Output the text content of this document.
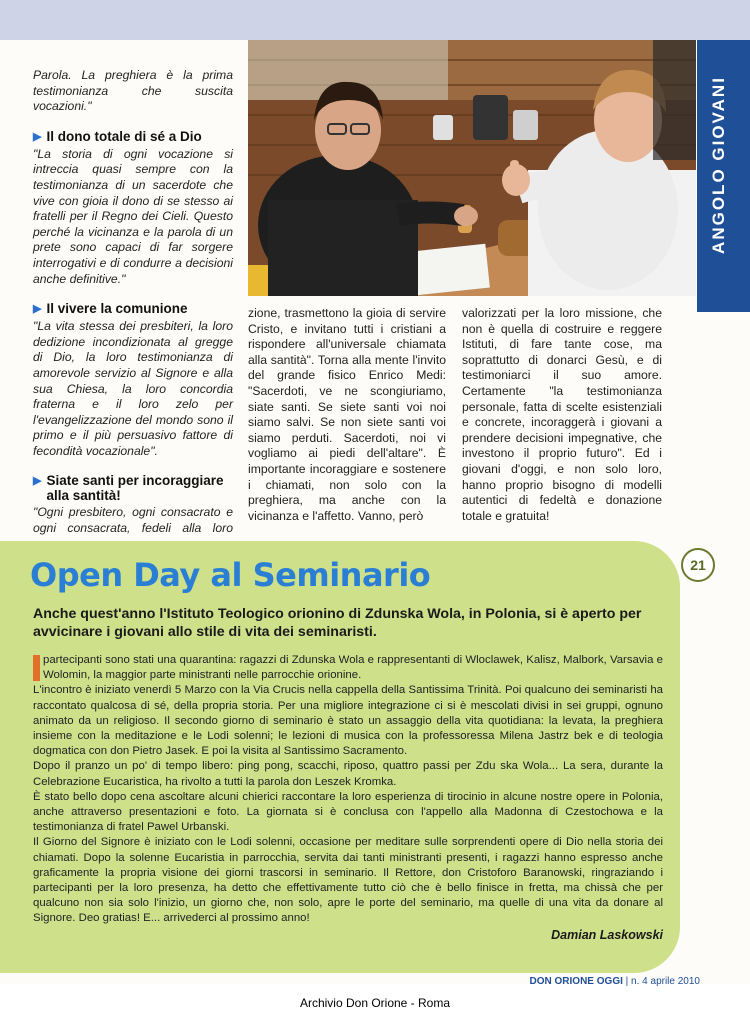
ANGOLO GIOVANI

Parola. La preghiera è la prima testimonianza che suscita vocazioni."

▶ Il dono totale di sé a Dio

"La storia di ogni vocazione si intreccia quasi sempre con la testimonianza di un sacerdote che vive con gioia il dono di se stesso ai fratelli per il Regno dei Cieli. Questo perché la vicinanza e la parola di un prete sono capaci di far sorgere interrogativi e di condurre a decisioni anche definitive."

▶ Il vivere la comunione

"La vita stessa dei presbiteri, la loro dedizione incondizionata al gregge di Dio, la loro testimonianza di amorevole servizio al Signore e alla sua Chiesa, la loro concordia fraterna e il loro zelo per l'evangelizzazione del mondo sono il primo e il più persuasivo fattore di fecondità vocazionale".

▶ Siate santi per incoraggiare alla santità!

"Ogni presbitero, ogni consacrato e ogni consacrata, fedeli alla loro

zione, trasmettono la gioia di servire Cristo, e invitano tutti i cristiani a rispondere all'universale chiamata alla santità". Torna alla mente l'invito del grande fisico Enrico Medi: "Sacerdoti, ve ne scongiuriamo, siate santi. Se siete santi voi noi siamo salvi. Se non siete santi voi siamo perduti. Sacerdoti, noi vi vogliamo ai piedi dell'altare". È importante incoraggiare e sostenere i chiamati, non solo con la preghiera, ma anche con la vicinanza e l'affetto. Vanno, però

valorizzati per la loro missione, che non è quella di costruire e reggere Istituti, di fare tante cose, ma soprattutto di donarci Gesù, e di testimoniarci il suo amore. Certamente "la testimonianza personale, fatta di scelte esistenziali e concrete, incoraggerà i giovani a prendere decisioni impegnative, che investono il proprio futuro". Ed i giovani d'oggi, e non solo loro, hanno proprio bisogno di modelli autentici di fedeltà e donazione totale e gratuita!

21
Open Day al Seminario
Anche quest'anno l'Istituto Teologico orionino di Zdunska Wola, in Polonia, si è aperto per avvicinare i giovani allo stile di vita dei seminaristi.

partecipanti sono stati una quarantina: ragazzi di Zdunska Wola e rappresentanti di Wloclawek, Kalisz, Malbork, Varsavia e Wolomin, la maggior parte ministranti nelle parrocchie orionine.

L'incontro è iniziato venerdì 5 Marzo con la Via Crucis nella cappella della Santissima Trinità. Poi qualcuno dei seminaristi ha raccontato qualcosa di sé, della propria storia. Per una migliore integrazione ci si è mescolati divisi in sei gruppi, ognuno animato da un religioso. Il secondo giorno di seminario è stato un assaggio della vita quotidiana: la levata, la preghiera insieme con la meditazione e le Lodi solenni; le lezioni di musica con la professoressa Milena Jastrz bek e di teologia dogmatica con don Pietro Jasek. E poi la visita al Santissimo Sacramento.

Dopo il pranzo un po' di tempo libero: ping pong, scacchi, riposo, quattro passi per Zdu ska Wola... La sera, durante la Celebrazione Eucaristica, ha rivolto a tutti la parola don Leszek Kromka.

È stato bello dopo cena ascoltare alcuni chierici raccontare la loro esperienza di tirocinio in alcune nostre opere in Polonia, anche attraverso presentazioni e foto. La giornata si è conclusa con l'appello alla Madonna di Czestochowa e la testimonianza di fratel Pawel Urbanski.

Il Giorno del Signore è iniziato con le Lodi solenni, occasione per meditare sulle sorprendenti opere di Dio nella storia dei chiamati. Dopo la solenne Eucaristia in parrocchia, servita dai tanti ministranti presenti, i ragazzi hanno espresso anche graficamente la propria visione dei giorni trascorsi in seminario. Il Rettore, don Cristoforo Baranowski, ringraziando i partecipanti per la loro presenza, ha detto che effettivamente tutto ciò che è bello finisce in fretta, ma chissà che per qualcuno non sia solo l'inizio, un giorno che, non solo, apre le porte del seminario, ma quelle di una vita da donare al Signore. Deo gratias! E... arrivederci al prossimo anno!

Damian Laskowski
DON ORIONE OGGI | n. 4 aprile 2010
Archivio Don Orione - Roma
